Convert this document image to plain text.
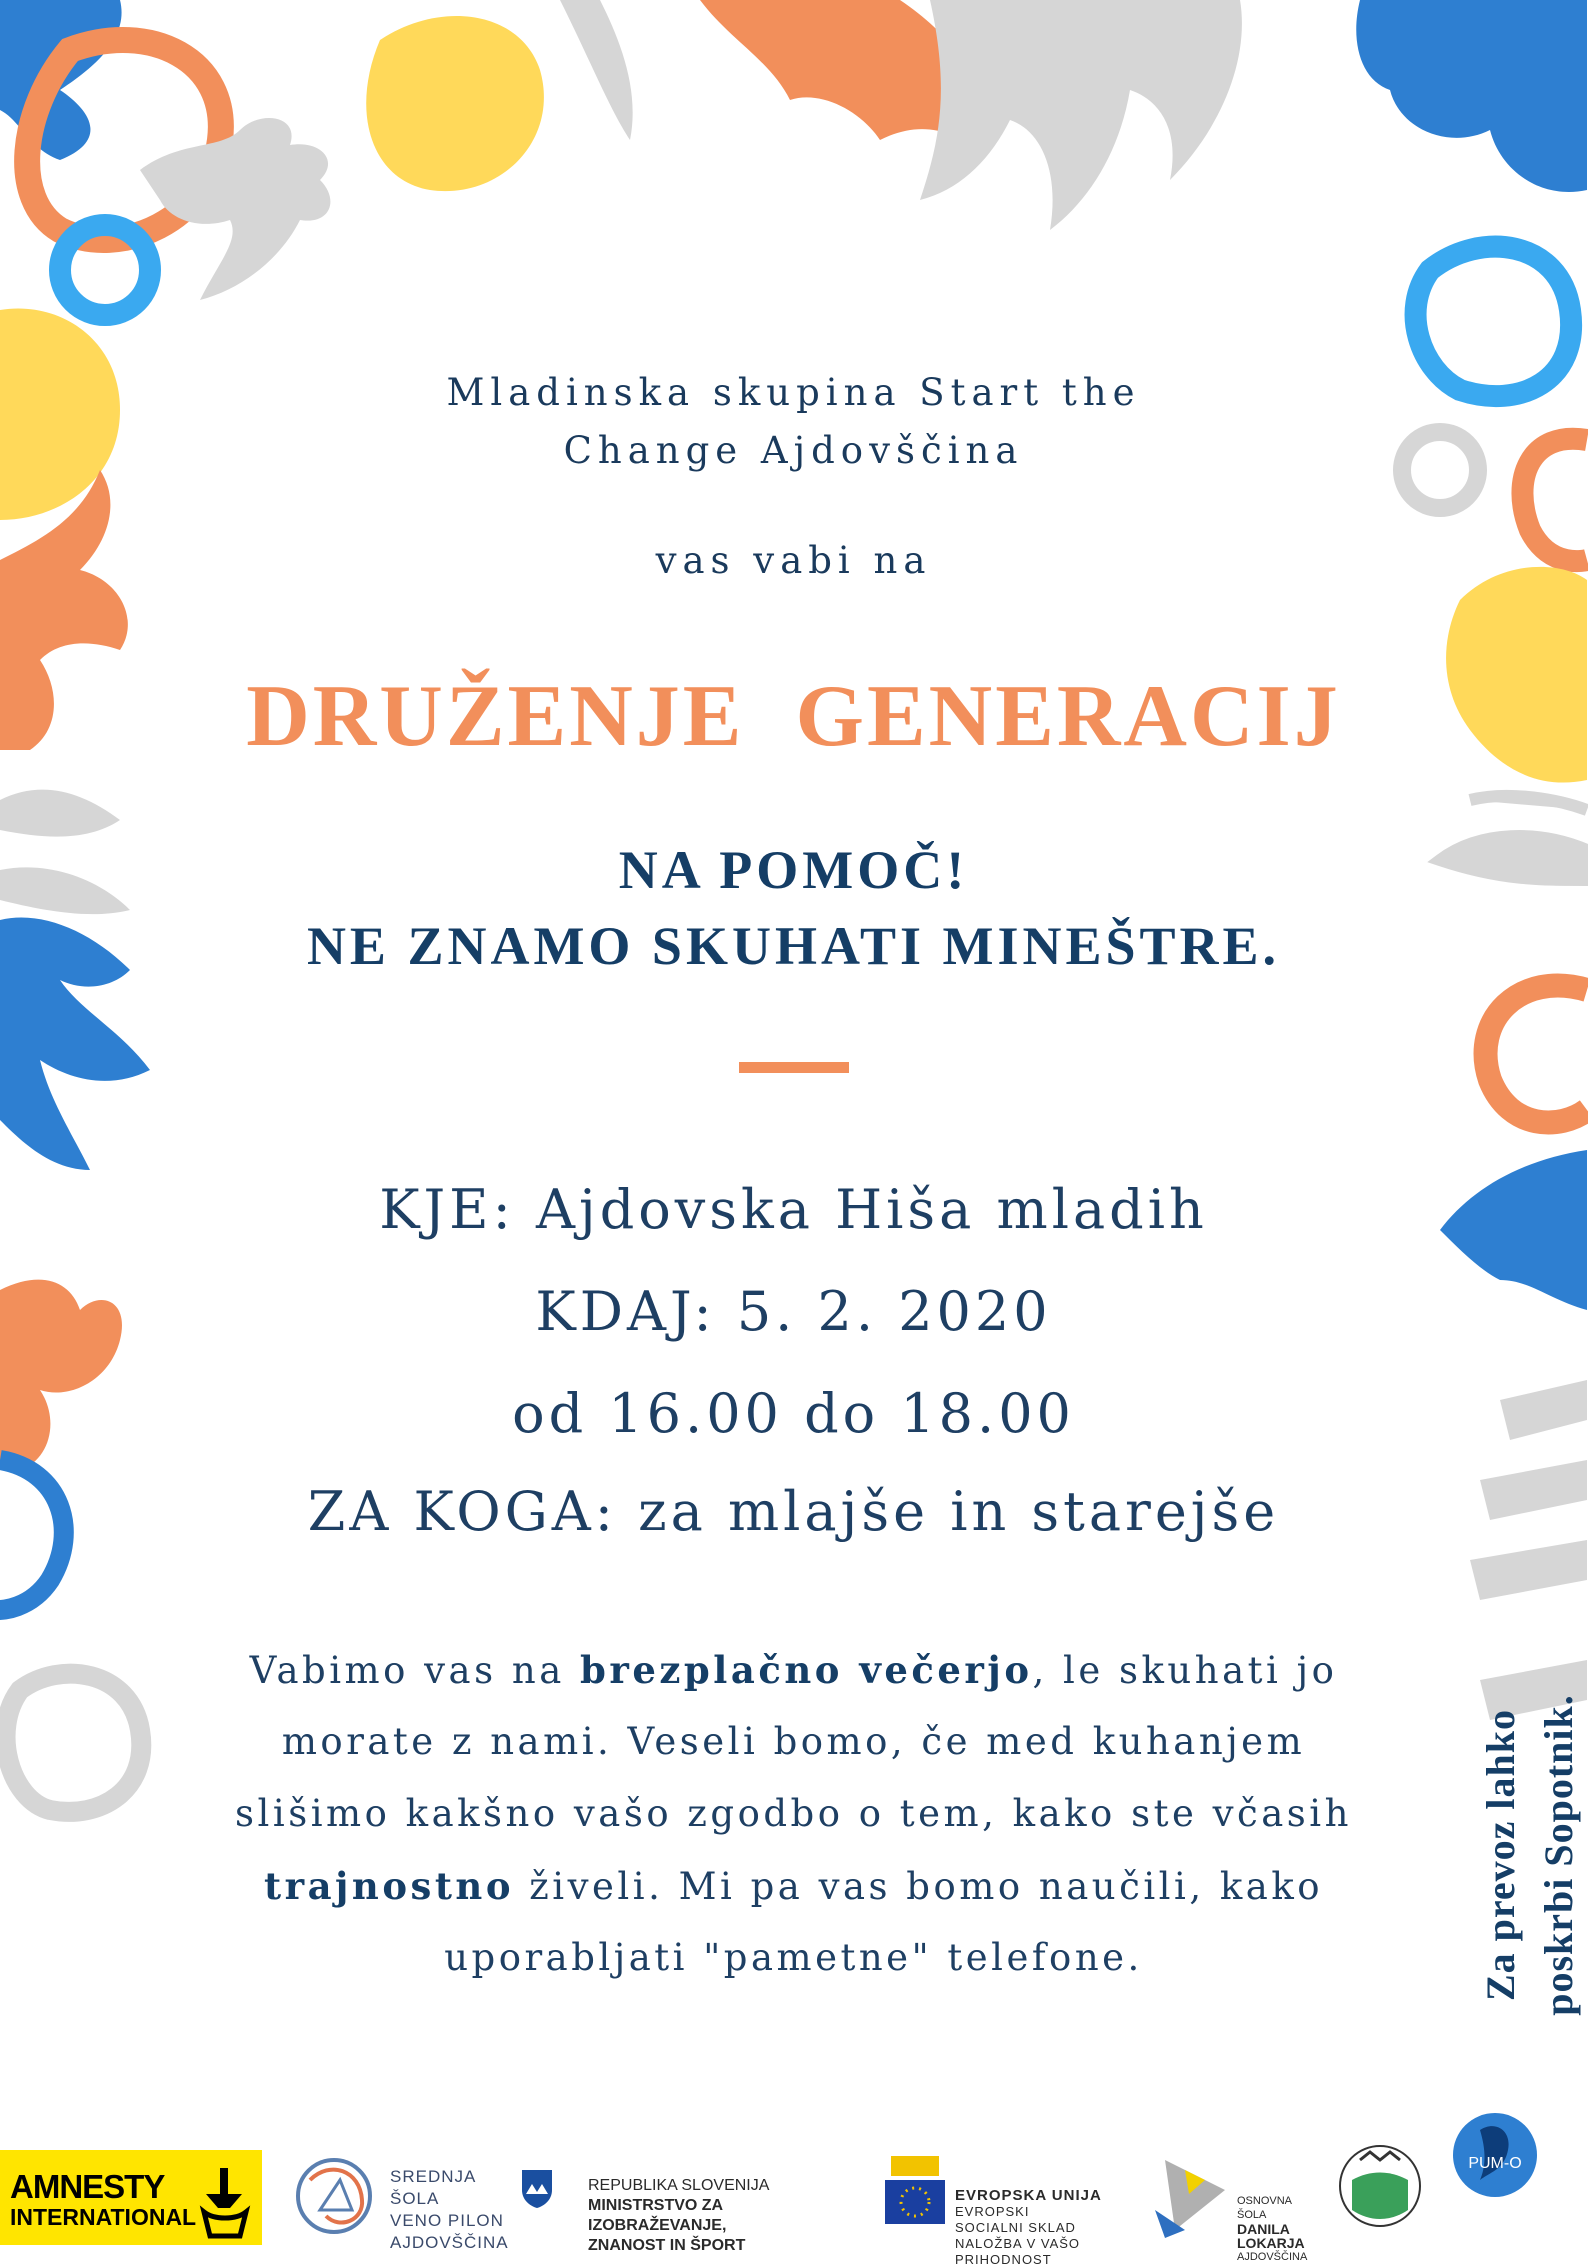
Mladinska skupina Start the
Change Ajdovščina
vas vabi na
DRUŽENJE GENERACIJ
NA POMOČ!
NE ZNAMO SKUHATI MINEŠTRE.
KJE: Ajdovska Hiša mladih
KDAJ: 5. 2. 2020
od 16.00 do 18.00
ZA KOGA: za mlajše in starejše
Vabimo vas na brezplačno večerjo, le skuhati jo
morate z nami. Veseli bomo, če med kuhanjem
slišimo kakšno vašo zgodbo o tem, kako ste včasih
trajnostno živeli. Mi pa vas bomo naučili, kako
uporabljati "pametne" telefone.	Za prevoz lahko poskrbi Sopotnik.
AMNESTY
INTERNATIONAL
SREDNJA ŠOLA
VENO PILON
AJDOVŠČINA
REPUBLIKA SLOVENIJA
MINISTRSTVO ZA IZOBRAŽEVANJE,
ZNANOST IN ŠPORT
EVROPSKA UNIJA
EVROPSKI
SOCIALNI SKLAD
NALOŽBA V VAŠO PRIHODNOST
OSNOVNA ŠOLA
DANILA LOKARJA
AJDOVŠČINA
PUM-O
